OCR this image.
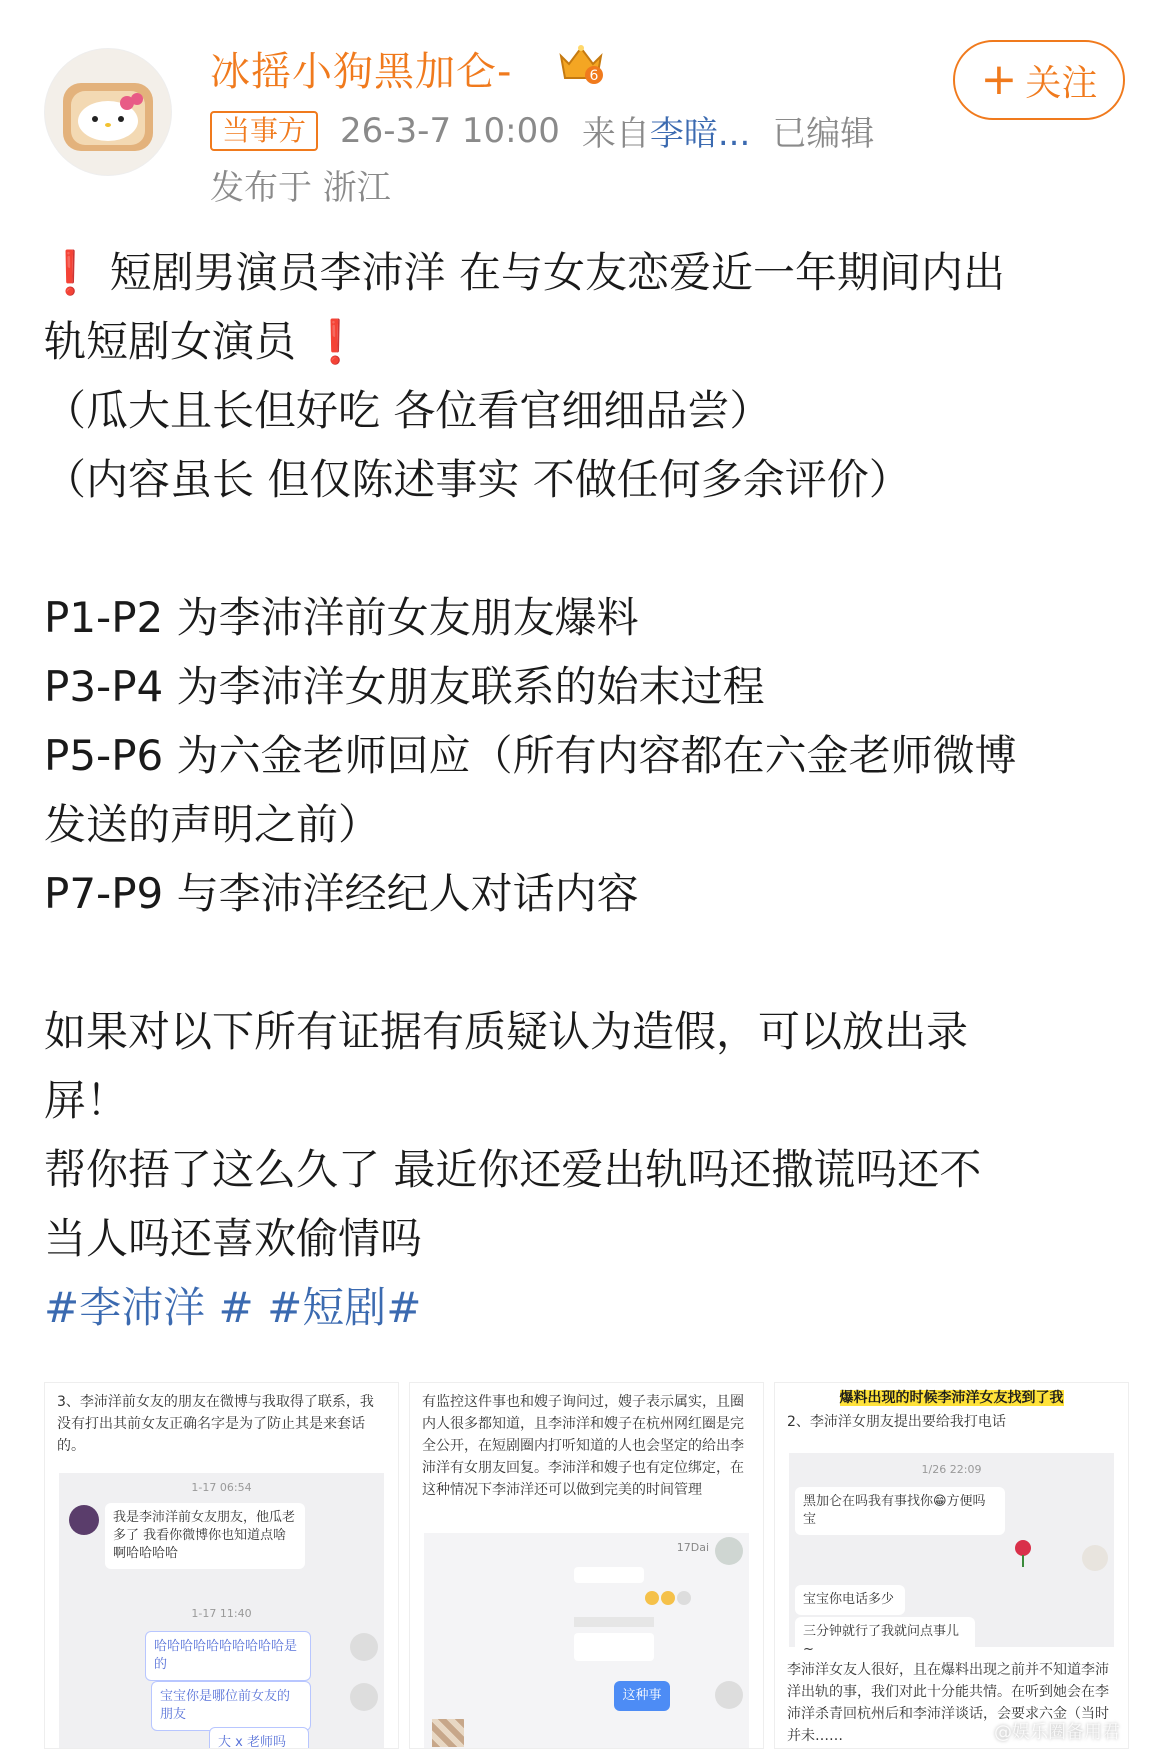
冰摇小狗黑加仑-	6	+ 关注
当事方	26-3-7 10:00 来自 李暗... 已编辑
发布于 浙江

❗ 短剧男演员李沛洋 在与女友恋爱近一年期间内出

轨短剧女演员 ❗

（瓜大且长但好吃 各位看官细细品尝）

（内容虽长 但仅陈述事实 不做任何多余评价）

P1-P2 为李沛洋前女友朋友爆料

P3-P4 为李沛洋女朋友联系的始末过程

P5-P6 为六金老师回应（所有内容都在六金老师微博

发送的声明之前）

P7-P9 与李沛洋经纪人对话内容

如果对以下所有证据有质疑认为造假，可以放出录

屏！

帮你捂了这么久了 最近你还爱出轨吗还撒谎吗还不

当人吗还喜欢偷情吗

#李沛洋 # #短剧#

3、李沛洋前女友的朋友在微博与我取得了联系，我没有打出其前女友正确名字是为了防止其是来套话的。
1-17 06:54
我是李沛洋前女友朋友，他瓜老多了 我看你微博你也知道点啥啊哈哈哈哈
1-17 11:40
哈哈哈哈哈哈哈哈哈哈是的
宝宝你是哪位前女友的朋友
大 x 老师吗
有监控这件事也和嫂子询问过，嫂子表示属实，且圈内人很多都知道，且李沛洋和嫂子在杭州网红圈是完全公开，在短剧圈内打听知道的人也会坚定的给出李沛洋有女朋友回复。李沛洋和嫂子也有定位绑定，在这种情况下李沛洋还可以做到完美的时间管理
17Dai
这种事
爆料出现的时候李沛洋女友找到了我
2、李沛洋女朋友提出要给我打电话
1/26 22:09
黑加仑在吗我有事找你😁方便吗宝
宝宝你电话多少
三分钟就行了我就问点事儿~
李沛洋女友人很好，且在爆料出现之前并不知道李沛洋出轨的事，我们对此十分能共情。在听到她会在李沛洋杀青回杭州后和李沛洋谈话，会要求六金（当时并未……	@娱乐圈备用君
